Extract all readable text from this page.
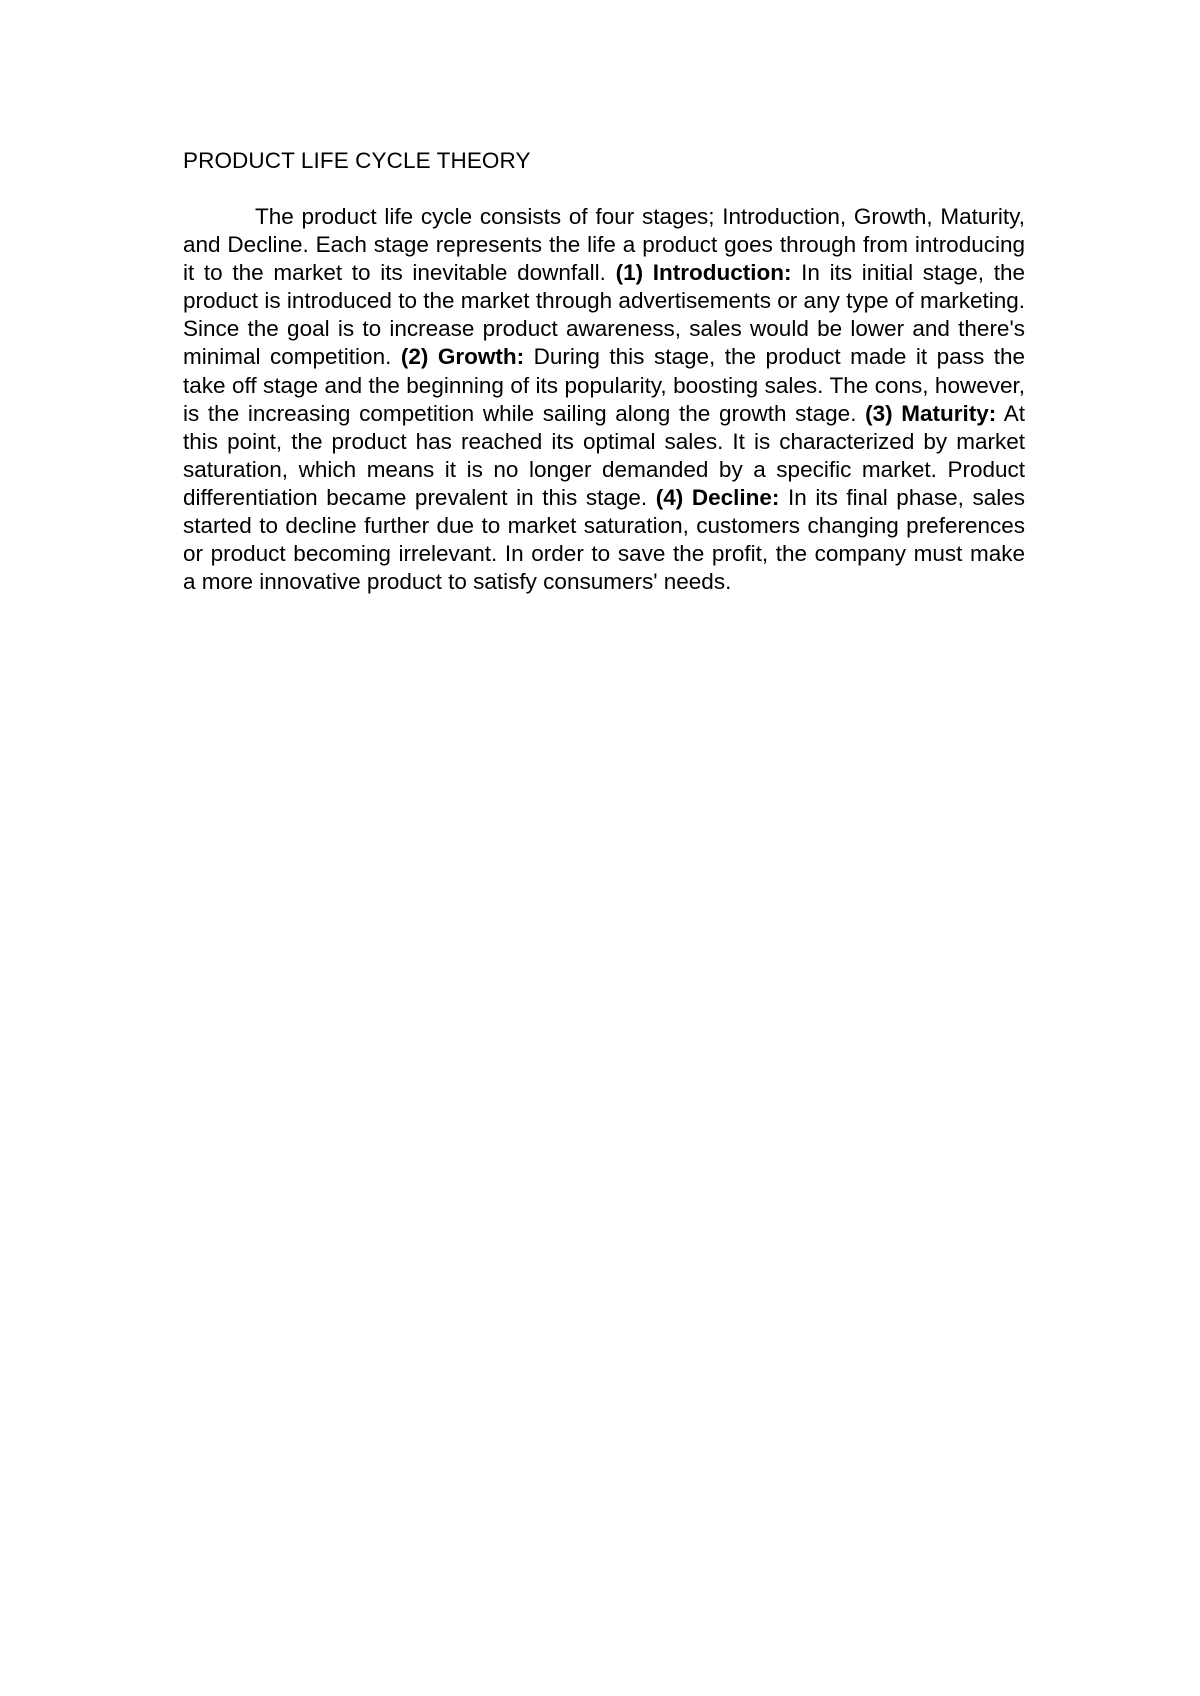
PRODUCT LIFE CYCLE THEORY

The product life cycle consists of four stages; Introduction, Growth, Maturity, and Decline. Each stage represents the life a product goes through from introducing it to the market to its inevitable downfall. (1) Introduction: In its initial stage, the product is introduced to the market through advertisements or any type of marketing. Since the goal is to increase product awareness, sales would be lower and there's minimal competition. (2) Growth: During this stage, the product made it pass the take off stage and the beginning of its popularity, boosting sales. The cons, however, is the increasing competition while sailing along the growth stage. (3) Maturity: At this point, the product has reached its optimal sales. It is characterized by market saturation, which means it is no longer demanded by a specific market. Product differentiation became prevalent in this stage. (4) Decline: In its final phase, sales started to decline further due to market saturation, customers changing preferences or product becoming irrelevant. In order to save the profit, the company must make a more innovative product to satisfy consumers' needs.
